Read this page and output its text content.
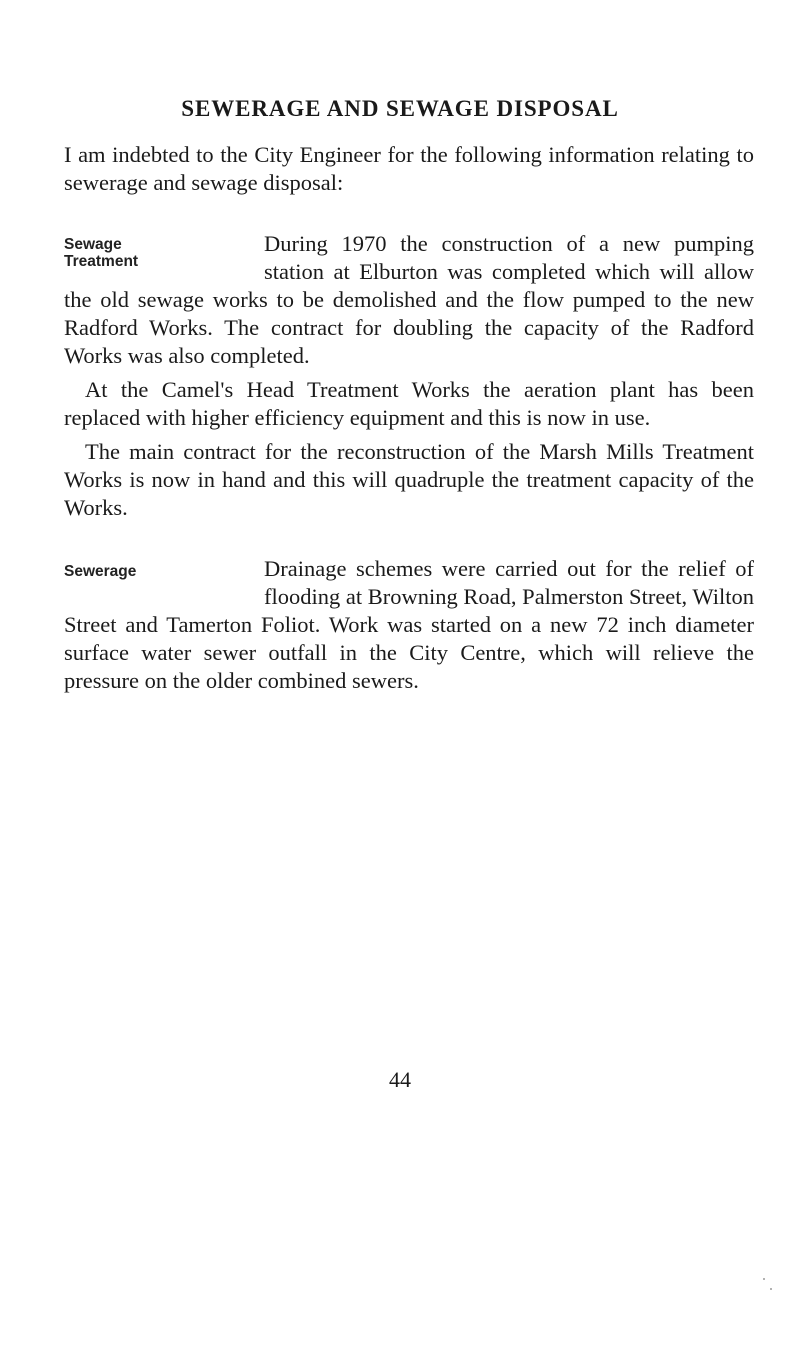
SEWERAGE AND SEWAGE DISPOSAL

I am indebted to the City Engineer for the following information relating to sewerage and sewage disposal:

Sewage
Treatment

During 1970 the construction of a new pumping station at Elburton was completed which will allow the old sewage works to be demolished and the flow pumped to the new Radford Works. The contract for doubling the capacity of the Radford Works was also completed.

At the Camel's Head Treatment Works the aeration plant has been replaced with higher efficiency equipment and this is now in use.

The main contract for the reconstruction of the Marsh Mills Treatment Works is now in hand and this will quadruple the treatment capacity of the Works.

Sewerage	Drainage schemes were carried out for the relief of flooding at Browning Road, Palmerston Street, Wilton Street and Tamerton Foliot. Work was started on a new 72 inch diameter surface water sewer outfall in the City Centre, which will relieve the pressure on the older combined sewers.

44
